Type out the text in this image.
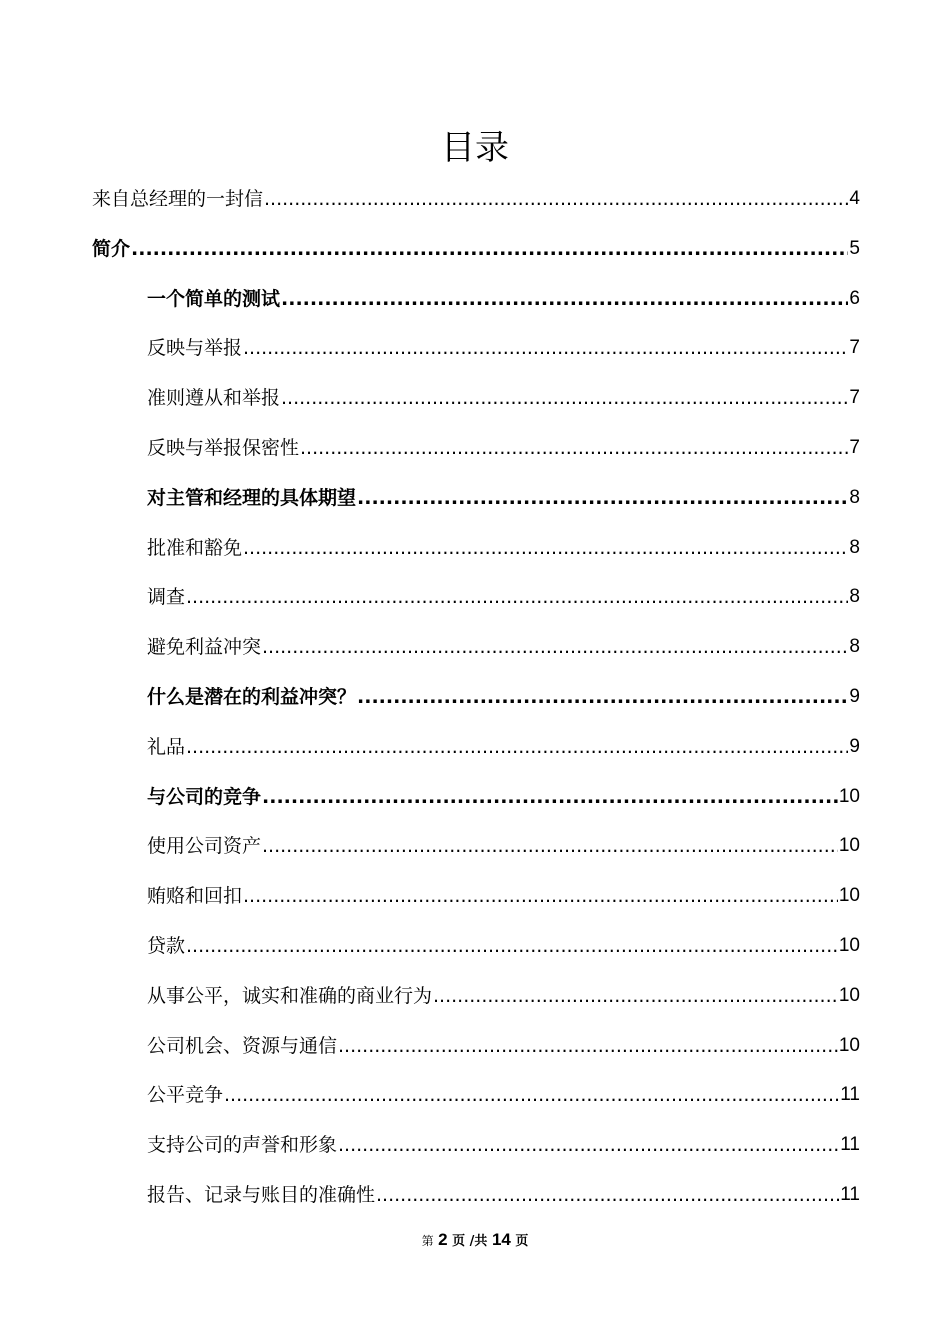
目录
来自总经理的一封信 .....	4
简介 .....	5
一个简单的测试 .....	6
反映与举报 .....	7
准则遵从和举报 .....	7
反映与举报保密性 .....	7
对主管和经理的具体期望 .....	8
批准和豁免 .....	8
调查 .....	8
避免利益冲突 .....	8
什么是潜在的利益冲突？ .....	9
礼品 .....	9
与公司的竞争 .....	10
使用公司资产 .....	10
贿赂和回扣 .....	10
贷款 .....	10
从事公平，诚实和准确的商业行为 .....	10
公司机会、资源与通信 .....	10
公平竞争 .....	11
支持公司的声誉和形象 .....	11
报告、记录与账目的准确性 .....	11
第 2 页 /共 14 页
